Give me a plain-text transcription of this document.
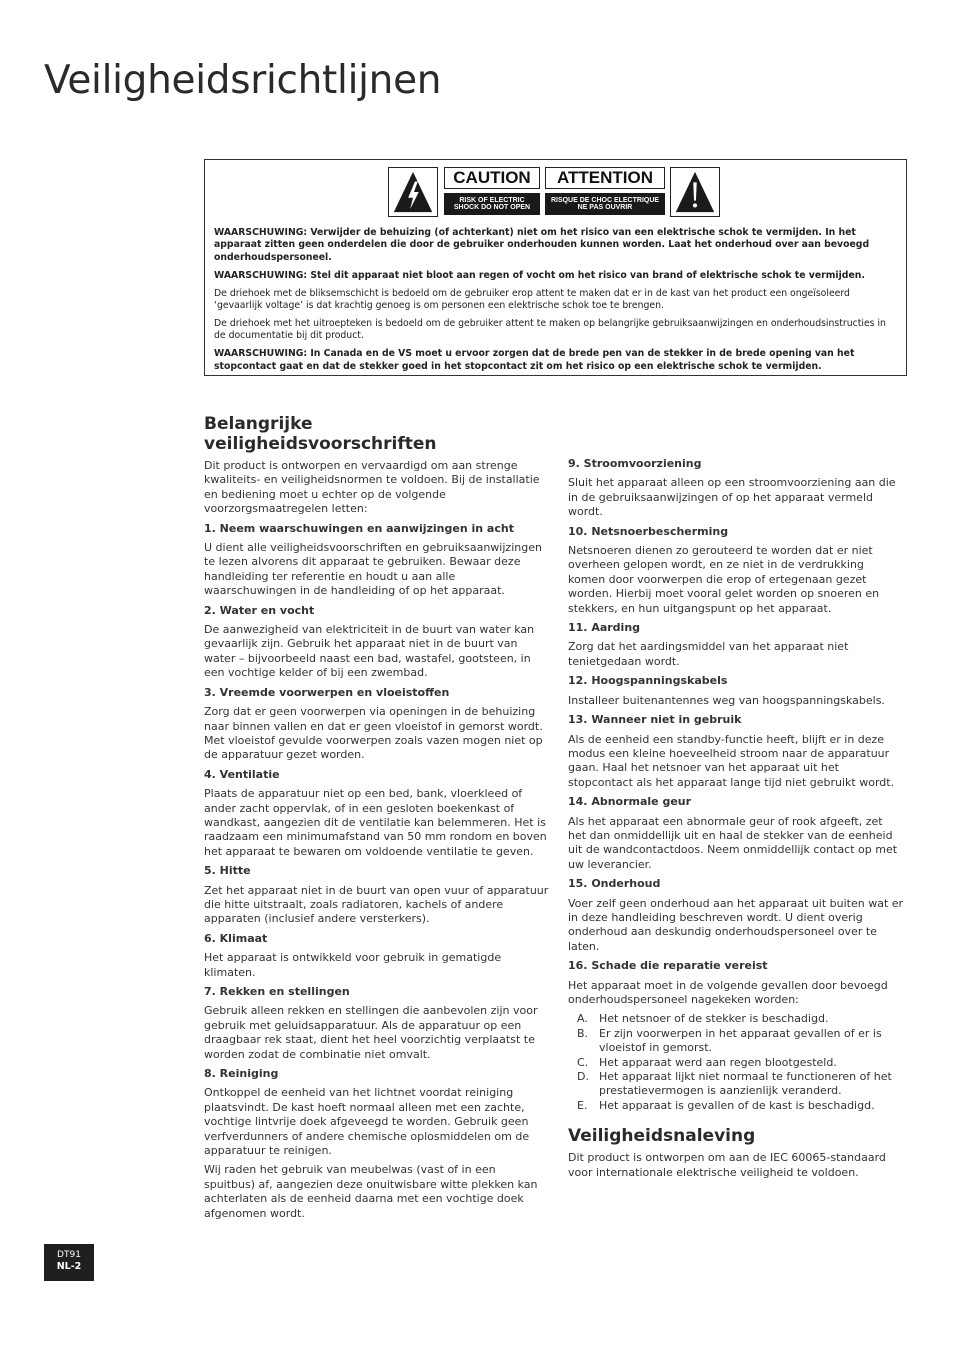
Veiligheidsrichtlijnen
CAUTION
RISK OF ELECTRIC SHOCK DO NOT OPEN
ATTENTION
RISQUE DE CHOC ELECTRIQUE NE PAS OUVRIR

WAARSCHUWING: Verwijder de behuizing (of achterkant) niet om het risico van een elektrische schok te vermijden. In het apparaat zitten geen onderdelen die door de gebruiker onderhouden kunnen worden. Laat het onderhoud over aan bevoegd onderhoudspersoneel.

WAARSCHUWING: Stel dit apparaat niet bloot aan regen of vocht om het risico van brand of elektrische schok te vermijden.

De driehoek met de bliksemschicht is bedoeld om de gebruiker erop attent te maken dat er in de kast van het product een ongeïsoleerd ‘gevaarlijk voltage’ is dat krachtig genoeg is om personen een elektrische schok toe te brengen.

De driehoek met het uitroepteken is bedoeld om de gebruiker attent te maken op belangrijke gebruiksaanwijzingen en onderhoudsinstructies in de documentatie bij dit product.

WAARSCHUWING: In Canada en de VS moet u ervoor zorgen dat de brede pen van de stekker in de brede opening van het stopcontact gaat en dat de stekker goed in het stopcontact zit om het risico op een elektrische schok te vermijden.

Belangrijke veiligheidsvoorschriften

Dit product is ontworpen en vervaardigd om aan strenge kwaliteits- en veiligheidsnormen te voldoen. Bij de installatie en bediening moet u echter op de volgende voorzorgsmaatregelen letten:

1. Neem waarschuwingen en aanwijzingen in acht

U dient alle veiligheidsvoorschriften en gebruiksaanwijzingen te lezen alvorens dit apparaat te gebruiken. Bewaar deze handleiding ter referentie en houdt u aan alle waarschuwingen in de handleiding of op het apparaat.

2. Water en vocht

De aanwezigheid van elektriciteit in de buurt van water kan gevaarlijk zijn. Gebruik het apparaat niet in de buurt van water – bijvoorbeeld naast een bad, wastafel, gootsteen, in een vochtige kelder of bij een zwembad.

3. Vreemde voorwerpen en vloeistoffen

Zorg dat er geen voorwerpen via openingen in de behuizing naar binnen vallen en dat er geen vloeistof in gemorst wordt. Met vloeistof gevulde voorwerpen zoals vazen mogen niet op de apparatuur gezet worden.

4. Ventilatie

Plaats de apparatuur niet op een bed, bank, vloerkleed of ander zacht oppervlak, of in een gesloten boekenkast of wandkast, aangezien dit de ventilatie kan belemmeren. Het is raadzaam een minimumafstand van 50 mm rondom en boven het apparaat te bewaren om voldoende ventilatie te geven.

5. Hitte

Zet het apparaat niet in de buurt van open vuur of apparatuur die hitte uitstraalt, zoals radiatoren, kachels of andere apparaten (inclusief andere versterkers).

6. Klimaat

Het apparaat is ontwikkeld voor gebruik in gematigde klimaten.

7. Rekken en stellingen

Gebruik alleen rekken en stellingen die aanbevolen zijn voor gebruik met geluidsapparatuur. Als de apparatuur op een draagbaar rek staat, dient het heel voorzichtig verplaatst te worden zodat de combinatie niet omvalt.

8. Reiniging

Ontkoppel de eenheid van het lichtnet voordat reiniging plaatsvindt. De kast hoeft normaal alleen met een zachte, vochtige lintvrije doek afgeveegd te worden. Gebruik geen verfverdunners of andere chemische oplosmiddelen om de apparatuur te reinigen.

Wij raden het gebruik van meubelwas (vast of in een spuitbus) af, aangezien deze onuitwisbare witte plekken kan achterlaten als de eenheid daarna met een vochtige doek afgenomen wordt.

9. Stroomvoorziening

Sluit het apparaat alleen op een stroomvoorziening aan die in de gebruiksaanwijzingen of op het apparaat vermeld wordt.

10. Netsnoerbescherming

Netsnoeren dienen zo gerouteerd te worden dat er niet overheen gelopen wordt, en ze niet in de verdrukking komen door voorwerpen die erop of ertegenaan gezet worden. Hierbij moet vooral gelet worden op snoeren en stekkers, en hun uitgangspunt op het apparaat.

11. Aarding

Zorg dat het aardingsmiddel van het apparaat niet tenietgedaan wordt.

12. Hoogspanningskabels

Installeer buitenantennes weg van hoogspanningskabels.

13. Wanneer niet in gebruik

Als de eenheid een standby-functie heeft, blijft er in deze modus een kleine hoeveelheid stroom naar de apparatuur gaan. Haal het netsnoer van het apparaat uit het stopcontact als het apparaat lange tijd niet gebruikt wordt.

14. Abnormale geur

Als het apparaat een abnormale geur of rook afgeeft, zet het dan onmiddellijk uit en haal de stekker van de eenheid uit de wandcontactdoos. Neem onmiddellijk contact op met uw leverancier.

15. Onderhoud

Voer zelf geen onderhoud aan het apparaat uit buiten wat er in deze handleiding beschreven wordt. U dient overig onderhoud aan deskundig onderhoudspersoneel over te laten.

16. Schade die reparatie vereist

Het apparaat moet in de volgende gevallen door bevoegd onderhoudspersoneel nagekeken worden:

A. Het netsnoer of de stekker is beschadigd.
B. Er zijn voorwerpen in het apparaat gevallen of er is vloeistof in gemorst.
C. Het apparaat werd aan regen blootgesteld.
D. Het apparaat lijkt niet normaal te functioneren of het prestatievermogen is aanzienlijk veranderd.
E. Het apparaat is gevallen of de kast is beschadigd.
Veiligheidsnaleving

Dit product is ontworpen om aan de IEC 60065-standaard voor internationale elektrische veiligheid te voldoen.

DT91
NL-2
